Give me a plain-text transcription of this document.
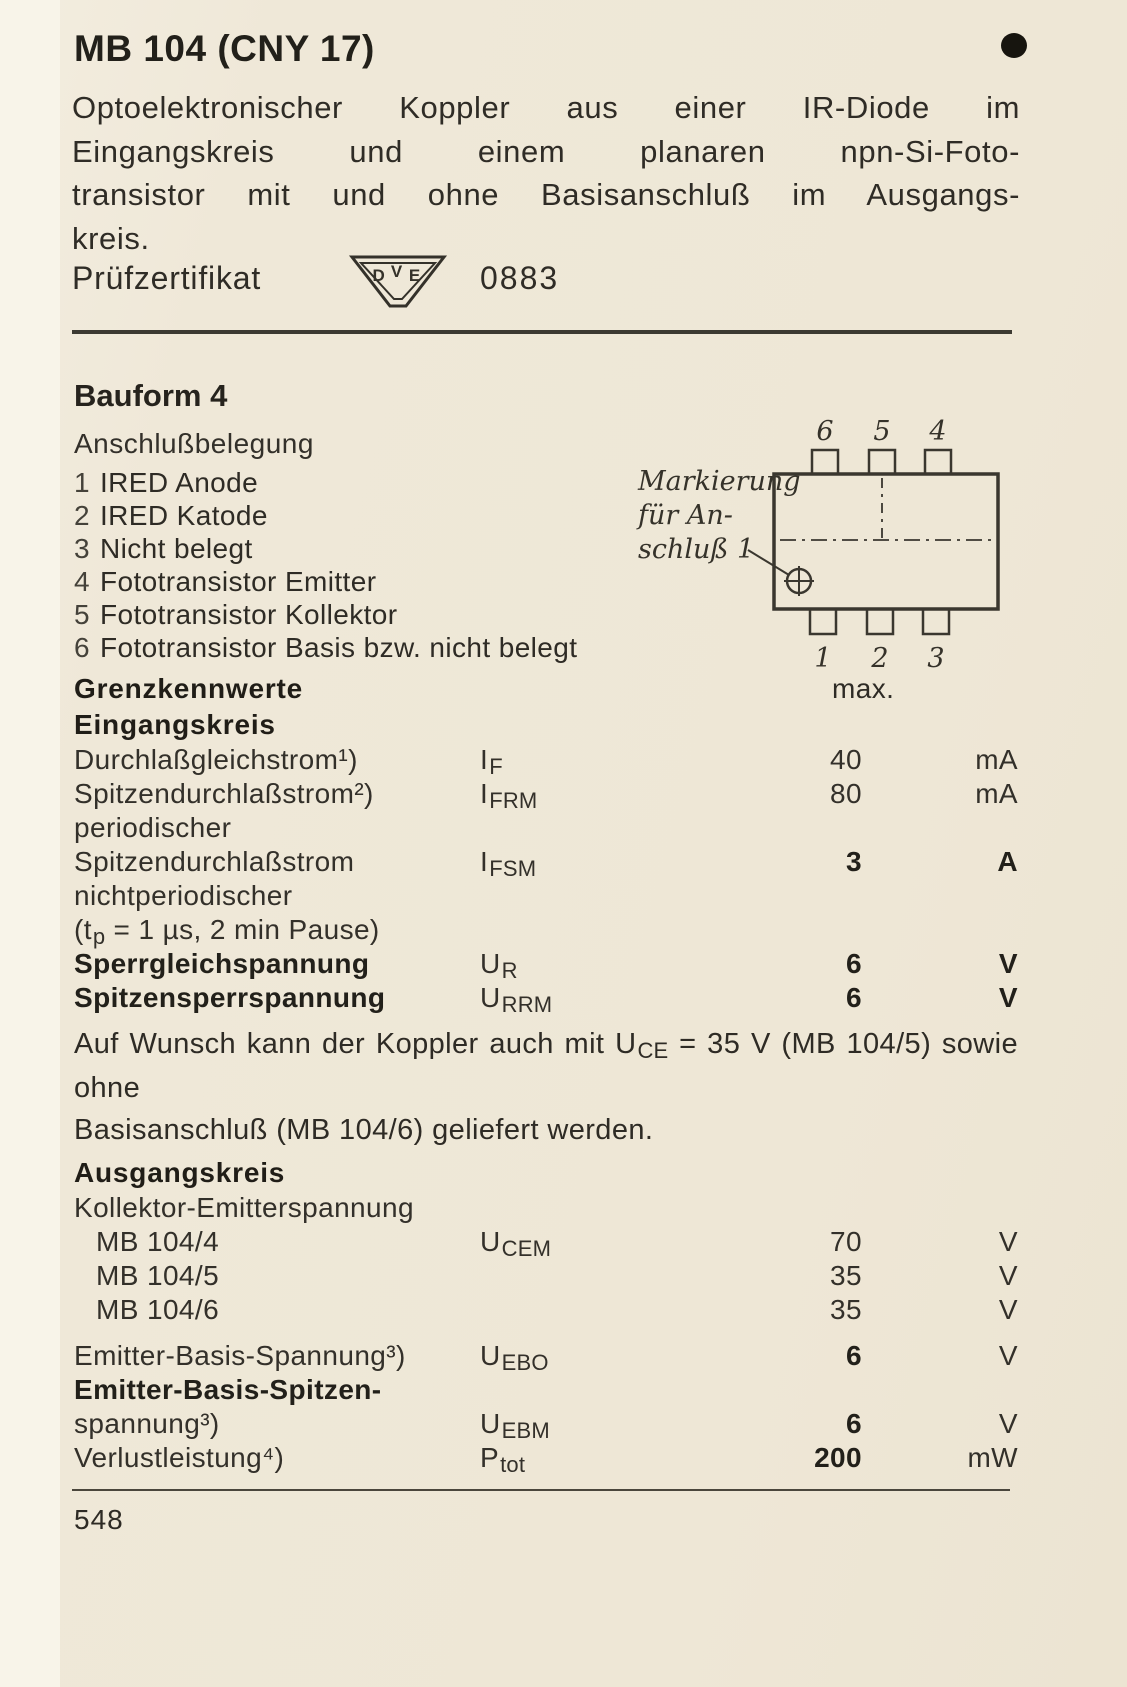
MB 104 (CNY 17)
Optoelektronischer Koppler aus einer IR-Diode im
Eingangskreis und einem planaren npn-Si-Foto-
transistor mit und ohne Basisanschluß im Ausgangs-
kreis.
Prüfzertifikat	D V E 0883
Bauform 4
Anschlußbelegung
1 IRED Anode
2 IRED Katode
3 Nicht belegt
4 Fototransistor Emitter
5 Fototransistor Kollektor
6 Fototransistor Basis bzw. nicht belegt
Markierung
für An-
schluß 1
6 5 4
1 2 3
Grenzkennwerte	max.
Eingangskreis
Durchlaßgleichstrom¹)	$I_F$	40	mA
Spitzendurchlaßstrom²)	$I_{FRM}$	80	mA
periodischer
Spitzendurchlaßstrom	$I_{FSM}$	3	A
nichtperiodischer
($t_p = 1$ µs, 2 min Pause)
Sperrgleichspannung	$U_R$	6	V
Spitzensperrspannung	$U_{RRM}$	6	V
Auf Wunsch kann der Koppler auch mit $U_{CE} = 35$ V (MB 104/5) sowie ohne
Basisanschluß (MB 104/6) geliefert werden.
Ausgangskreis
Kollektor-Emitterspannung
MB 104/4	$U_{CEM}$	70	V
MB 104/5	35	V
MB 104/6	35	V
Emitter-Basis-Spannung³)	$U_{EBO}$	6	V
Emitter-Basis-Spitzen-
spannung³)	$U_{EBM}$	6	V
Verlustleistung⁴)	$P_{tot}$	200	mW
548
